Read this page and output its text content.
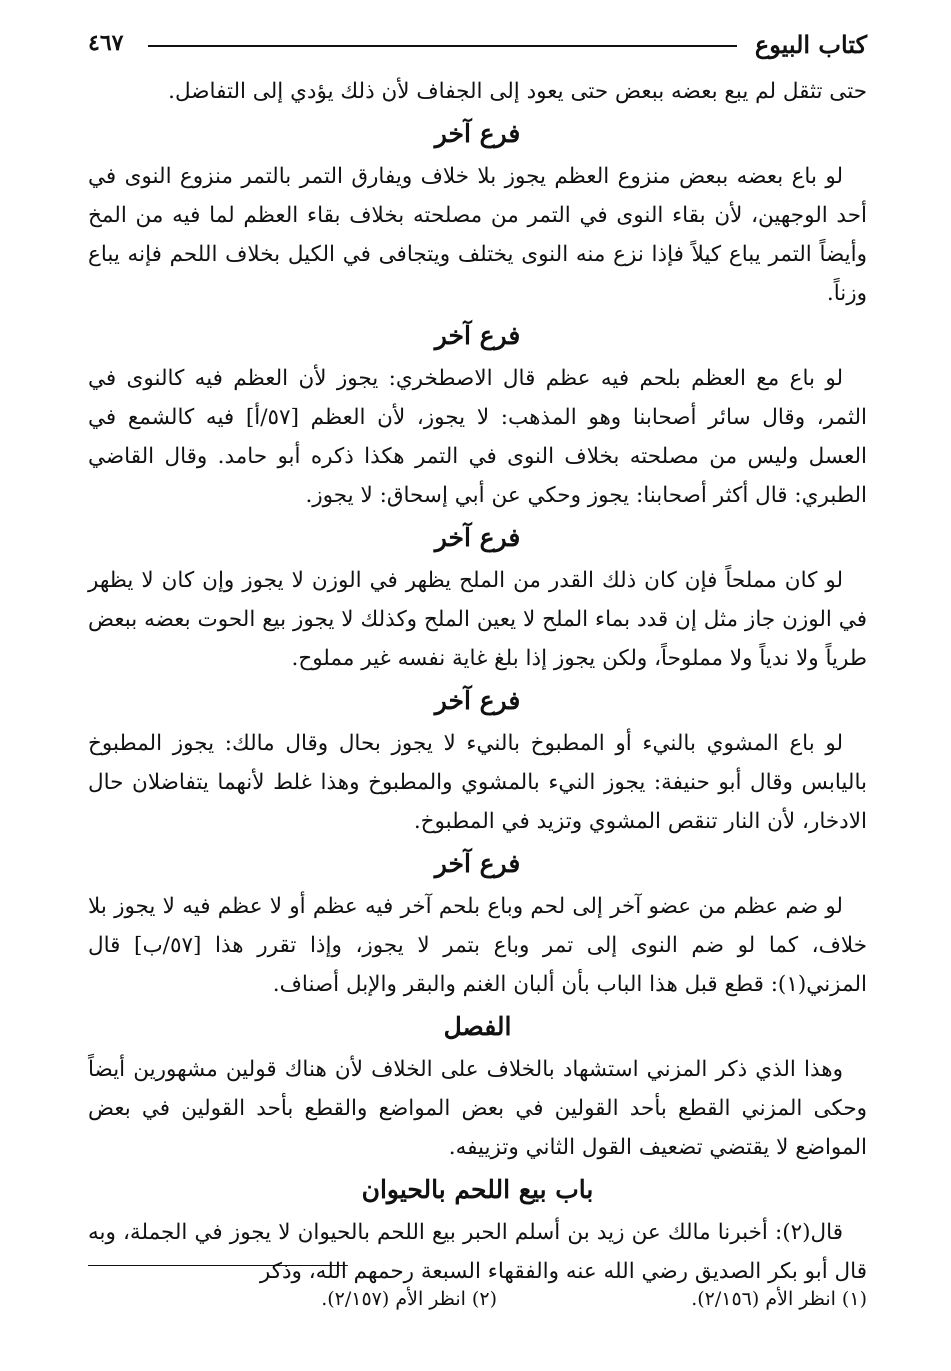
كتاب البيوع
٤٦٧

حتى تثقل لم يبع بعضه ببعض حتى يعود إلى الجفاف لأن ذلك يؤدي إلى التفاضل.

فرع آخر

لو باع بعضه ببعض منزوع العظم يجوز بلا خلاف ويفارق التمر بالتمر منزوع النوى في أحد الوجهين، لأن بقاء النوى في التمر من مصلحته بخلاف بقاء العظم لما فيه من المخ وأيضاً التمر يباع كيلاً فإذا نزع منه النوى يختلف ويتجافى في الكيل بخلاف اللحم فإنه يباع وزناً.

فرع آخر

لو باع مع العظم بلحم فيه عظم قال الاصطخري: يجوز لأن العظم فيه كالنوى في الثمر، وقال سائر أصحابنا وهو المذهب: لا يجوز، لأن العظم [٥٧/أ] فيه كالشمع في العسل وليس من مصلحته بخلاف النوى في التمر هكذا ذكره أبو حامد. وقال القاضي الطبري: قال أكثر أصحابنا: يجوز وحكي عن أبي إسحاق: لا يجوز.

فرع آخر

لو كان مملحاً فإن كان ذلك القدر من الملح يظهر في الوزن لا يجوز وإن كان لا يظهر في الوزن جاز مثل إن قدد بماء الملح لا يعين الملح وكذلك لا يجوز بيع الحوت بعضه ببعض طرياً ولا ندياً ولا مملوحاً، ولكن يجوز إذا بلغ غاية نفسه غير مملوح.

فرع آخر

لو باع المشوي بالنيء أو المطبوخ بالنيء لا يجوز بحال وقال مالك: يجوز المطبوخ باليابس وقال أبو حنيفة: يجوز النيء بالمشوي والمطبوخ وهذا غلط لأنهما يتفاضلان حال الادخار، لأن النار تنقص المشوي وتزيد في المطبوخ.

فرع آخر

لو ضم عظم من عضو آخر إلى لحم وباع بلحم آخر فيه عظم أو لا عظم فيه لا يجوز بلا خلاف، كما لو ضم النوى إلى تمر وباع بتمر لا يجوز، وإذا تقرر هذا [٥٧/ب] قال المزني(١): قطع قبل هذا الباب بأن ألبان الغنم والبقر والإبل أصناف.

الفصل

وهذا الذي ذكر المزني استشهاد بالخلاف على الخلاف لأن هناك قولين مشهورين أيضاً وحكى المزني القطع بأحد القولين في بعض المواضع والقطع بأحد القولين في بعض المواضع لا يقتضي تضعيف القول الثاني وتزييفه.

باب بيع اللحم بالحيوان

قال(٢): أخبرنا مالك عن زيد بن أسلم الحبر بيع اللحم بالحيوان لا يجوز في الجملة، وبه قال أبو بكر الصديق رضي الله عنه والفقهاء السبعة رحمهم الله، وذكر

(١) انظر الأم (٢/١٥٦).
(٢) انظر الأم (٢/١٥٧).
